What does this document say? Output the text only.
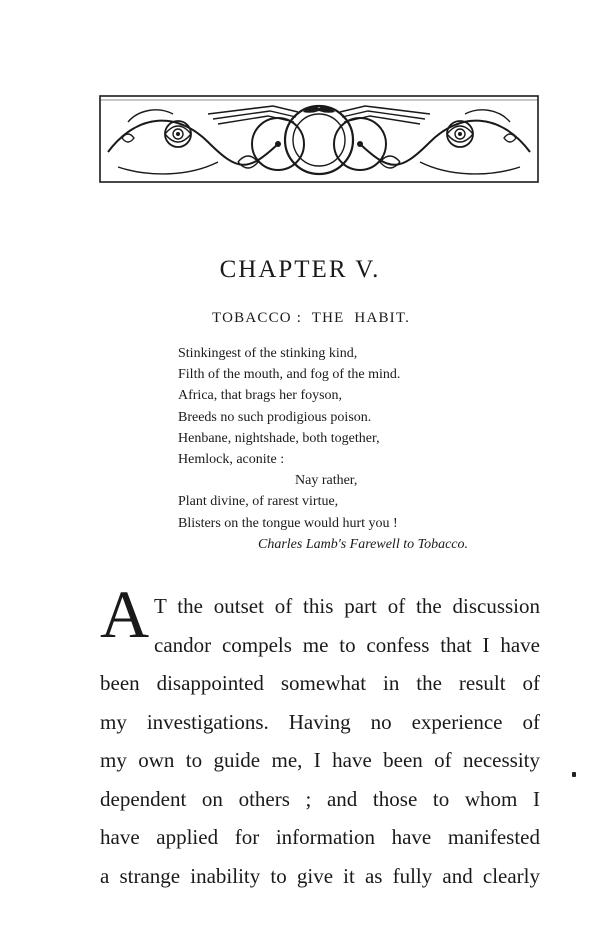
CHAPTER V.
TOBACCO :  THE  HABIT.
Stinkingest of the stinking kind,
Filth of the mouth, and fog of the mind.
Africa, that brags her foyson,
Breeds no such prodigious poison.
Henbane, nightshade, both together,
Hemlock, aconite :
Nay rather,
Plant divine, of rarest virtue,
Blisters on the tongue would hurt you !
Charles Lamb's Farewell to Tobacco.
A T the outset of this part of the discussion
candor compels me to confess that I have
been disappointed somewhat in the result of
my investigations. Having no experience of
my own to guide me, I have been of necessity
dependent on others ; and those to whom I
have applied for information have manifested
a strange inability to give it as fully and clearly
